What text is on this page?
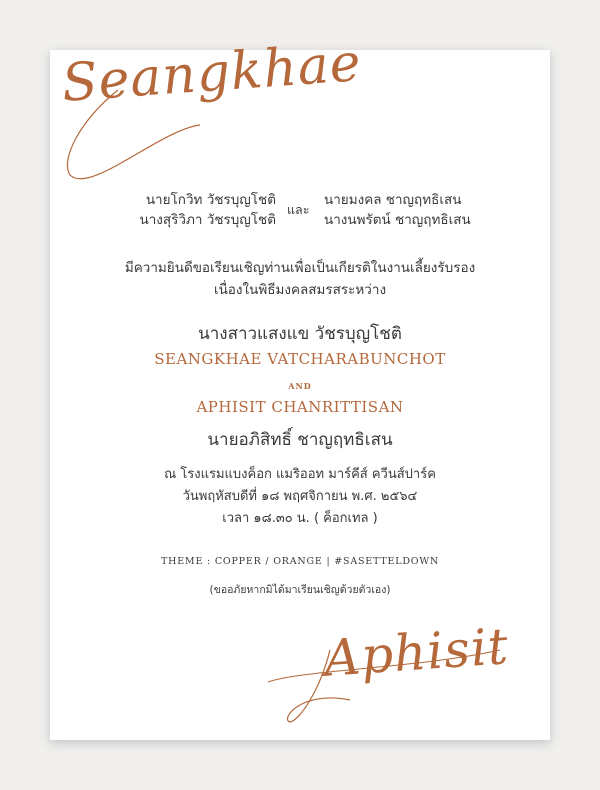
Seangkhae
Aphisit
นายโกวิท วัชรบุญโชติ
นางสุริวิภา วัชรบุญโชติ
และ
นายมงคล ชาญฤทธิเสน
นางนพรัตน์ ชาญฤทธิเสน
มีความยินดีขอเรียนเชิญท่านเพื่อเป็นเกียรติในงานเลี้ยงรับรอง
เนื่องในพิธีมงคลสมรสระหว่าง
นางสาวแสงแข วัชรบุญโชติ
SEANGKHAE VATCHARABUNCHOT
AND
APHISIT CHANRITTISAN
นายอภิสิทธิ์ ชาญฤทธิเสน
ณ โรงแรมแบงค็อก แมริออท มาร์คีส์ ควีนส์ปาร์ค
วันพฤหัสบดีที่ ๑๘ พฤศจิกายน พ.ศ. ๒๕๖๔
เวลา ๑๘.๓๐ น. ( ค็อกเทล )
THEME : COPPER / ORANGE | #SASETTELDOWN
(ขออภัยหากมิได้มาเรียนเชิญด้วยตัวเอง)
